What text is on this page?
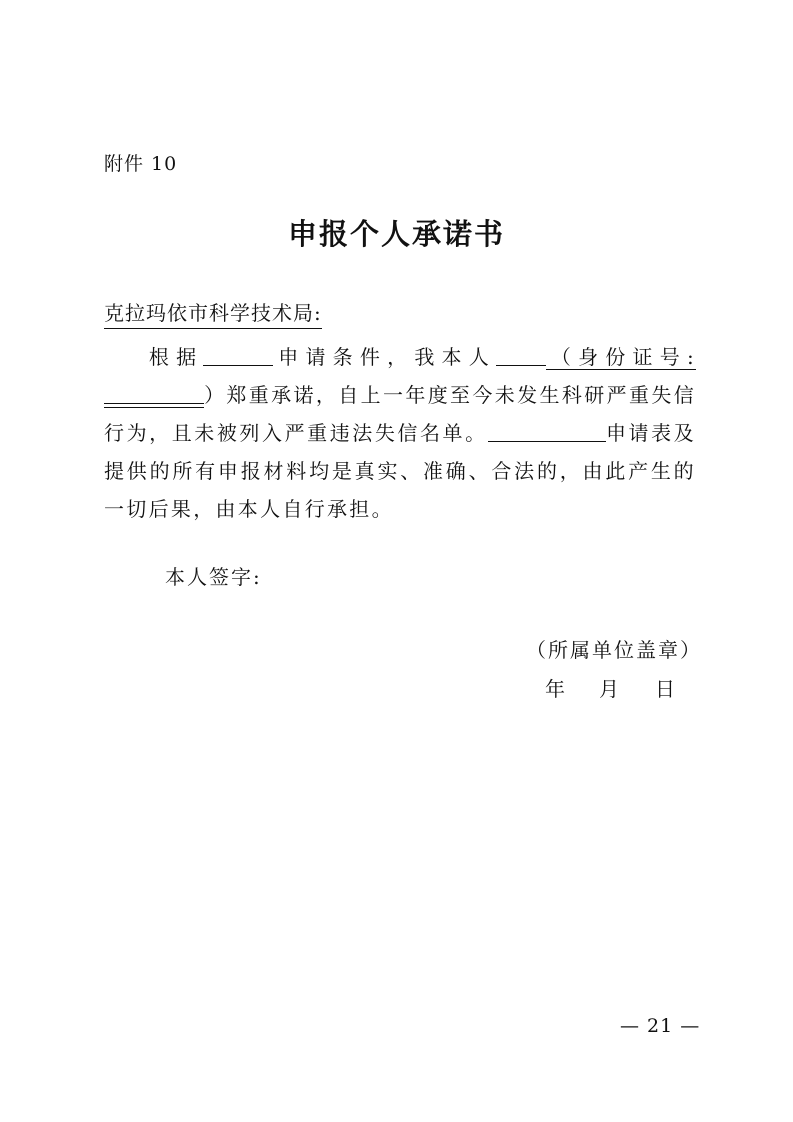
附件 10
申报个人承诺书
克拉玛依市科学技术局:
根据	申请条件，我本人	（身份证号:）郑重承诺，自上一年度至今未发生科研严重失信行为，且未被列入严重违法失信名单。	申请表及提供的所有申报材料均是真实、准确、合法的，由此产生的一切后果，由本人自行承担。
本人签字:
（所属单位盖章）
年 月 日
— 21 —
